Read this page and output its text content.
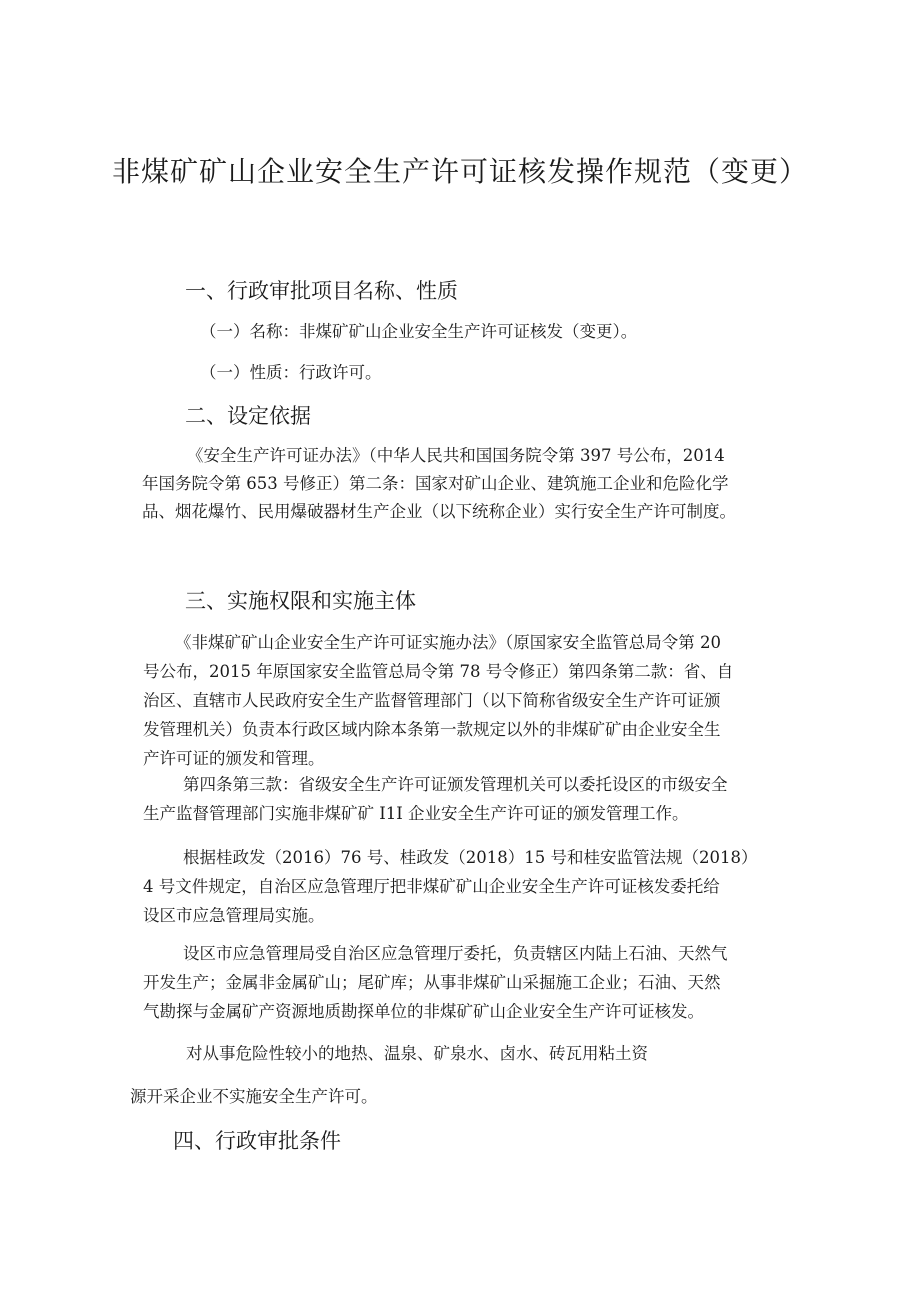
非煤矿矿山企业安全生产许可证核发操作规范（变更）
一、行政审批项目名称、性质

（一）名称：非煤矿矿山企业安全生产许可证核发（变更）。

（一）性质：行政许可。

二、设定依据

《安全生产许可证办法》（中华人民共和国国务院令第 397 号公布，2014

年国务院令第 653 号修正）第二条：国家对矿山企业、建筑施工企业和危险化学

品、烟花爆竹、民用爆破器材生产企业（以下统称企业）实行安全生产许可制度。

三、实施权限和实施主体

《非煤矿矿山企业安全生产许可证实施办法》（原国家安全监管总局令第 20

号公布，2015 年原国家安全监管总局令第 78 号令修正）第四条第二款：省、自

治区、直辖市人民政府安全生产监督管理部门（以下简称省级安全生产许可证颁

发管理机关）负责本行政区域内除本条第一款规定以外的非煤矿矿由企业安全生

产许可证的颁发和管理。

第四条第三款：省级安全生产许可证颁发管理机关可以委托设区的市级安全

生产监督管理部门实施非煤矿矿 I1I 企业安全生产许可证的颁发管理工作。

根据桂政发（2016）76 号、桂政发（2018）15 号和桂安监管法规（2018）

4 号文件规定，自治区应急管理厅把非煤矿矿山企业安全生产许可证核发委托给

设区市应急管理局实施。

设区市应急管理局受自治区应急管理厅委托，负责辖区内陆上石油、天然气

开发生产；金属非金属矿山；尾矿库；从事非煤矿山采掘施工企业；石油、天然

气勘探与金属矿产资源地质勘探单位的非煤矿矿山企业安全生产许可证核发。

对从事危险性较小的地热、温泉、矿泉水、卤水、砖瓦用粘土资

源开采企业不实施安全生产许可。

四、行政审批条件
